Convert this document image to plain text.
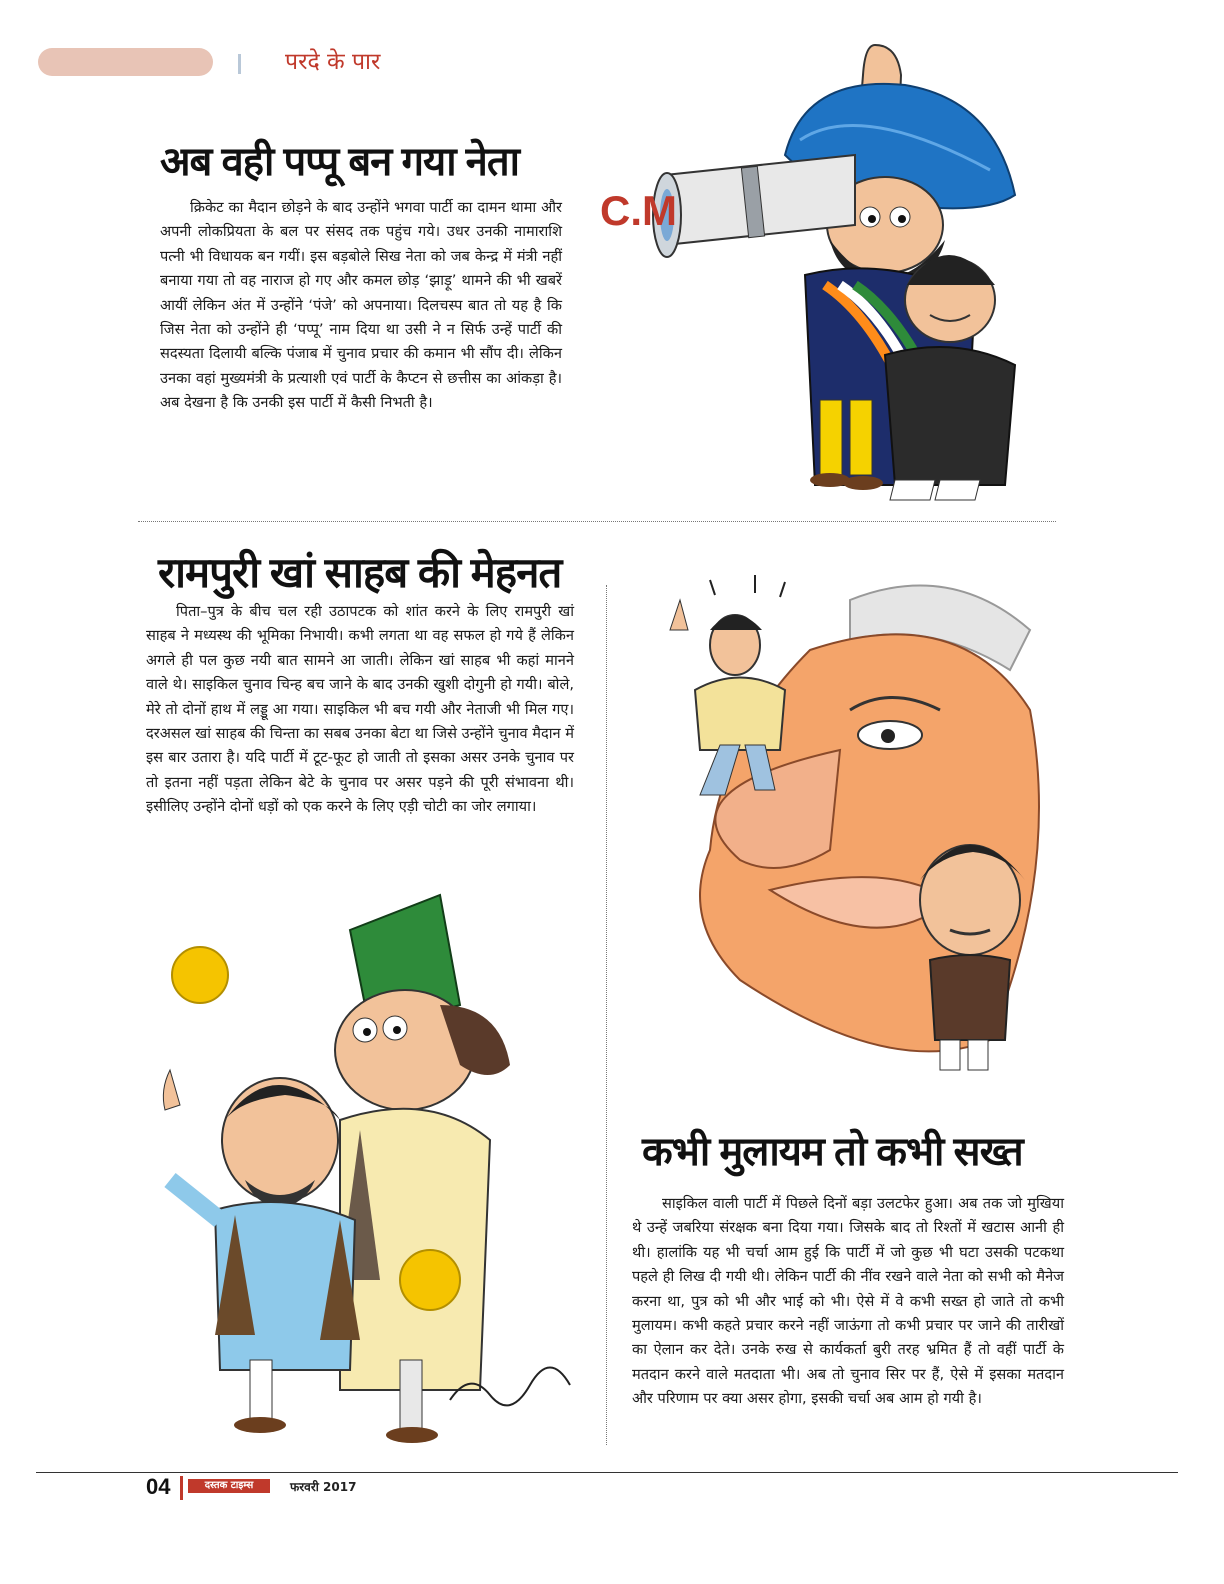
परदे के पार
अब वही पप्पू बन गया नेता

क्रिकेट का मैदान छोड़ने के बाद उन्होंने भगवा पार्टी का दामन थामा और अपनी लोकप्रियता के बल पर संसद तक पहुंच गये। उधर उनकी नामाराशि पत्नी भी विधायक बन गयीं। इस बड़बोले सिख नेता को जब केन्द्र में मंत्री नहीं बनाया गया तो वह नाराज हो गए और कमल छोड़ ‘झाड़ू’ थामने की भी खबरें आयीं लेकिन अंत में उन्होंने ‘पंजे’ को अपनाया। दिलचस्प बात तो यह है कि जिस नेता को उन्होंने ही ‘पप्पू’ नाम दिया था उसी ने न सिर्फ उन्हें पार्टी की सदस्यता दिलायी बल्कि पंजाब में चुनाव प्रचार की कमान भी सौंप दी। लेकिन उनका वहां मुख्यमंत्री के प्रत्याशी एवं पार्टी के कैप्टन से छत्तीस का आंकड़ा है। अब देखना है कि उनकी इस पार्टी में कैसी निभती है।

C.M
रामपुरी खां साहब की मेहनत

पिता–पुत्र के बीच चल रही उठापटक को शांत करने के लिए रामपुरी खां साहब ने मध्यस्थ की भूमिका निभायी। कभी लगता था वह सफल हो गये हैं लेकिन अगले ही पल कुछ नयी बात सामने आ जाती। लेकिन खां साहब भी कहां मानने वाले थे। साइकिल चुनाव चिन्ह बच जाने के बाद उनकी खुशी दोगुनी हो गयी। बोले, मेरे तो दोनों हाथ में लड्डू आ गया। साइकिल भी बच गयी और नेताजी भी मिल गए। दरअसल खां साहब की चिन्ता का सबब उनका बेटा था जिसे उन्होंने चुनाव मैदान में इस बार उतारा है। यदि पार्टी में टूट-फूट हो जाती तो इसका असर उनके चुनाव पर तो इतना नहीं पड़ता लेकिन बेटे के चुनाव पर असर पड़ने की पूरी संभावना थी। इसीलिए उन्होंने दोनों धड़ों को एक करने के लिए एड़ी चोटी का जोर लगाया।

कभी मुलायम तो कभी सख्त

साइकिल वाली पार्टी में पिछले दिनों बड़ा उलटफेर हुआ। अब तक जो मुखिया थे उन्हें जबरिया संरक्षक बना दिया गया। जिसके बाद तो रिश्तों में खटास आनी ही थी। हालांकि यह भी चर्चा आम हुई कि पार्टी में जो कुछ भी घटा उसकी पटकथा पहले ही लिख दी गयी थी। लेकिन पार्टी की नींव रखने वाले नेता को सभी को मैनेज करना था, पुत्र को भी और भाई को भी। ऐसे में वे कभी सख्त हो जाते तो कभी मुलायम। कभी कहते प्रचार करने नहीं जाऊंगा तो कभी प्रचार पर जाने की तारीखों का ऐलान कर देते। उनके रुख से कार्यकर्ता बुरी तरह भ्रमित हैं तो वहीं पार्टी के मतदान करने वाले मतदाता भी। अब तो चुनाव सिर पर हैं, ऐसे में इसका मतदान और परिणाम पर क्या असर होगा, इसकी चर्चा अब आम हो गयी है।

04	दस्तक टाइम्स	फरवरी 2017
